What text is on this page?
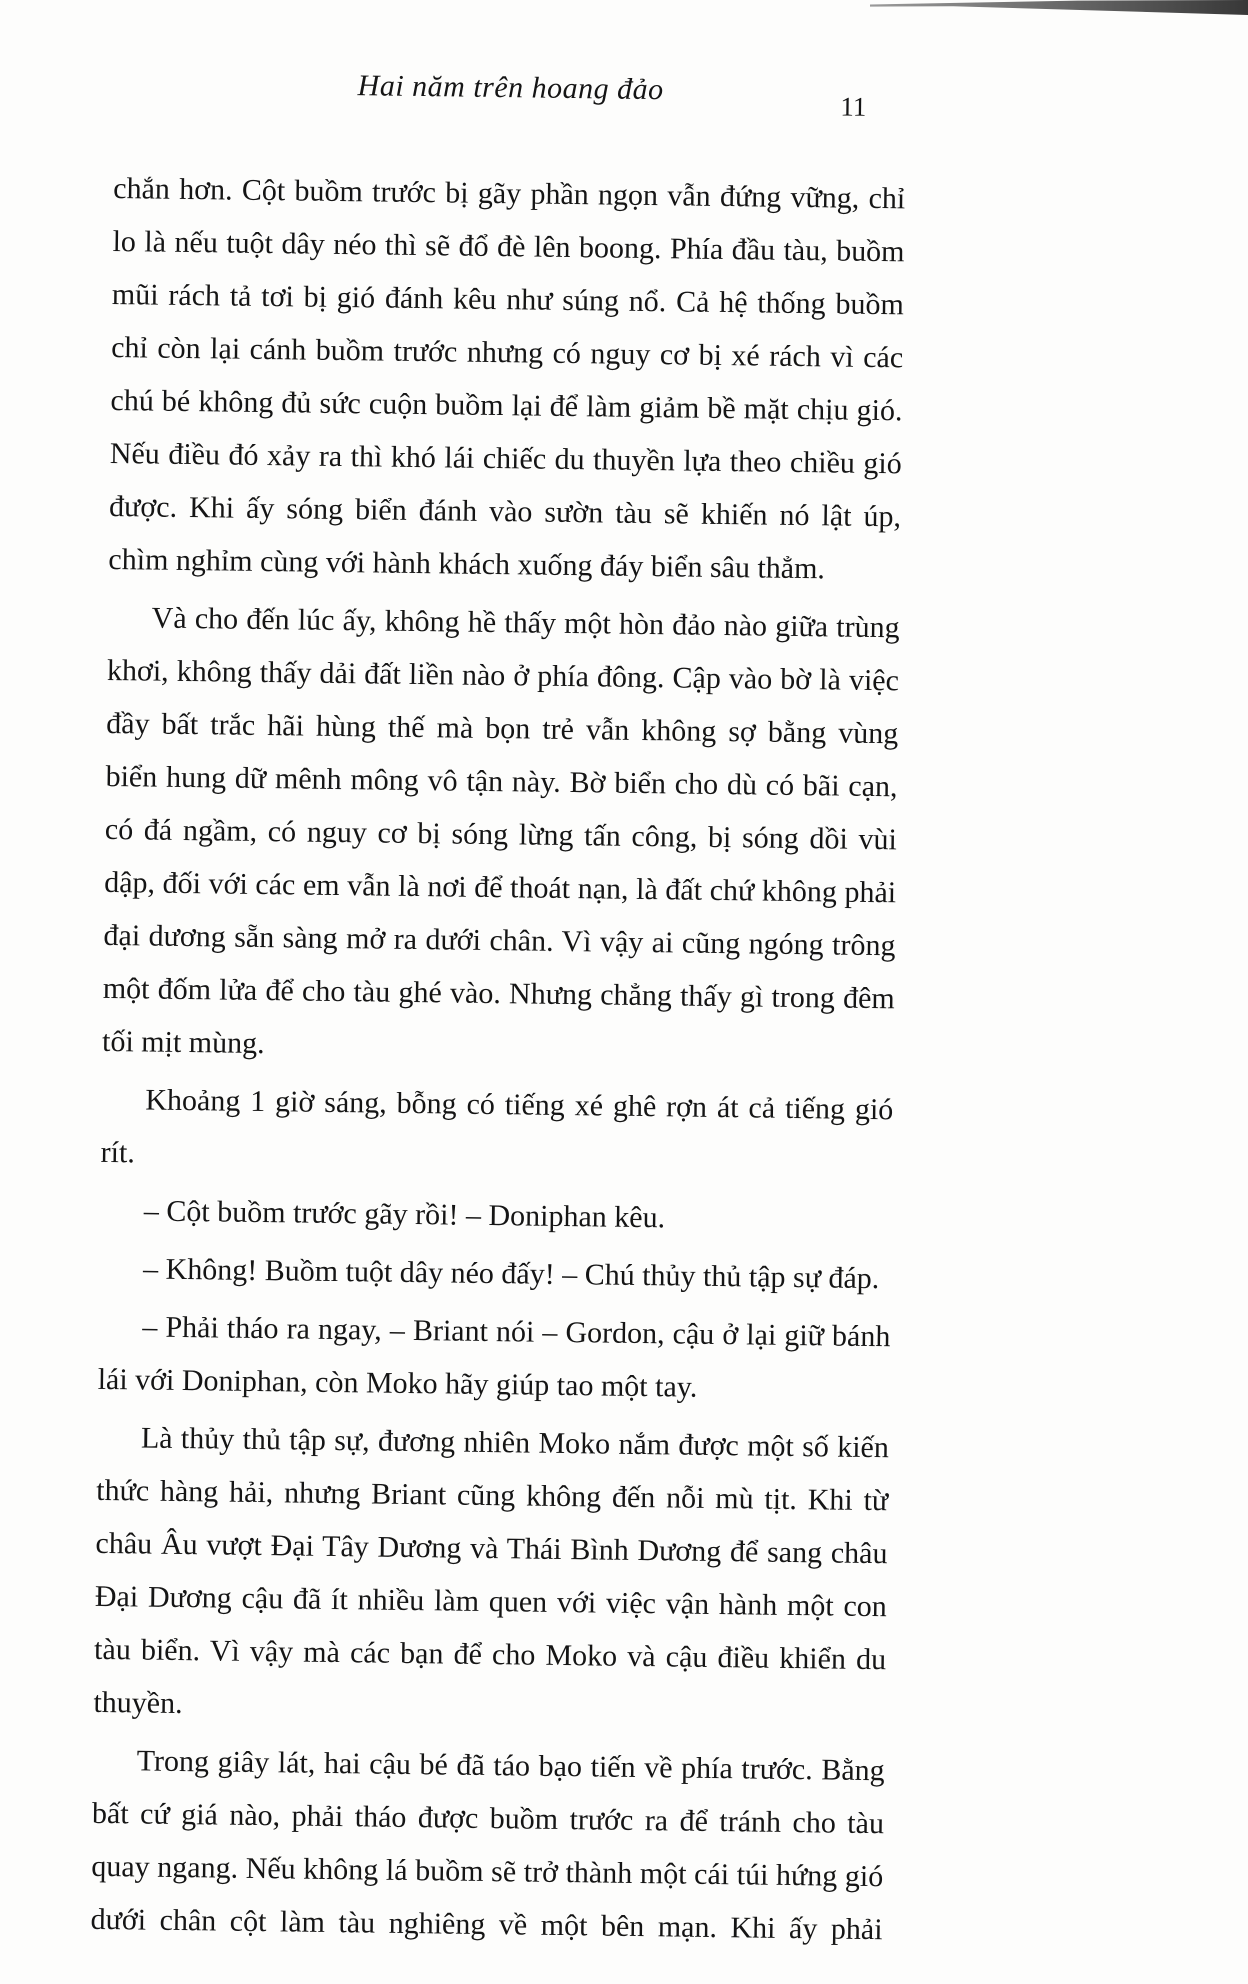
Hai năm trên hoang đảo
11

chắn hơn. Cột buồm trước bị gãy phần ngọn vẫn đứng vững, chỉ lo là nếu tuột dây néo thì sẽ đổ đè lên boong. Phía đầu tàu, buồm mũi rách tả tơi bị gió đánh kêu như súng nổ. Cả hệ thống buồm chỉ còn lại cánh buồm trước nhưng có nguy cơ bị xé rách vì các chú bé không đủ sức cuộn buồm lại để làm giảm bề mặt chịu gió. Nếu điều đó xảy ra thì khó lái chiếc du thuyền lựa theo chiều gió được. Khi ấy sóng biển đánh vào sườn tàu sẽ khiến nó lật úp, chìm nghỉm cùng với hành khách xuống đáy biển sâu thẳm.

Và cho đến lúc ấy, không hề thấy một hòn đảo nào giữa trùng khơi, không thấy dải đất liền nào ở phía đông. Cập vào bờ là việc đầy bất trắc hãi hùng thế mà bọn trẻ vẫn không sợ bằng vùng biển hung dữ mênh mông vô tận này. Bờ biển cho dù có bãi cạn, có đá ngầm, có nguy cơ bị sóng lừng tấn công, bị sóng dồi vùi dập, đối với các em vẫn là nơi để thoát nạn, là đất chứ không phải đại dương sẵn sàng mở ra dưới chân. Vì vậy ai cũng ngóng trông một đốm lửa để cho tàu ghé vào. Nhưng chẳng thấy gì trong đêm tối mịt mùng.

Khoảng 1 giờ sáng, bỗng có tiếng xé ghê rợn át cả tiếng gió rít.

– Cột buồm trước gãy rồi! – Doniphan kêu.

– Không! Buồm tuột dây néo đấy! – Chú thủy thủ tập sự đáp.

– Phải tháo ra ngay, – Briant nói – Gordon, cậu ở lại giữ bánh lái với Doniphan, còn Moko hãy giúp tao một tay.

Là thủy thủ tập sự, đương nhiên Moko nắm được một số kiến thức hàng hải, nhưng Briant cũng không đến nỗi mù tịt. Khi từ châu Âu vượt Đại Tây Dương và Thái Bình Dương để sang châu Đại Dương cậu đã ít nhiều làm quen với việc vận hành một con tàu biển. Vì vậy mà các bạn để cho Moko và cậu điều khiển du thuyền.

Trong giây lát, hai cậu bé đã táo bạo tiến về phía trước. Bằng bất cứ giá nào, phải tháo được buồm trước ra để tránh cho tàu quay ngang. Nếu không lá buồm sẽ trở thành một cái túi hứng gió dưới chân cột làm tàu nghiêng về một bên mạn. Khi ấy phải
